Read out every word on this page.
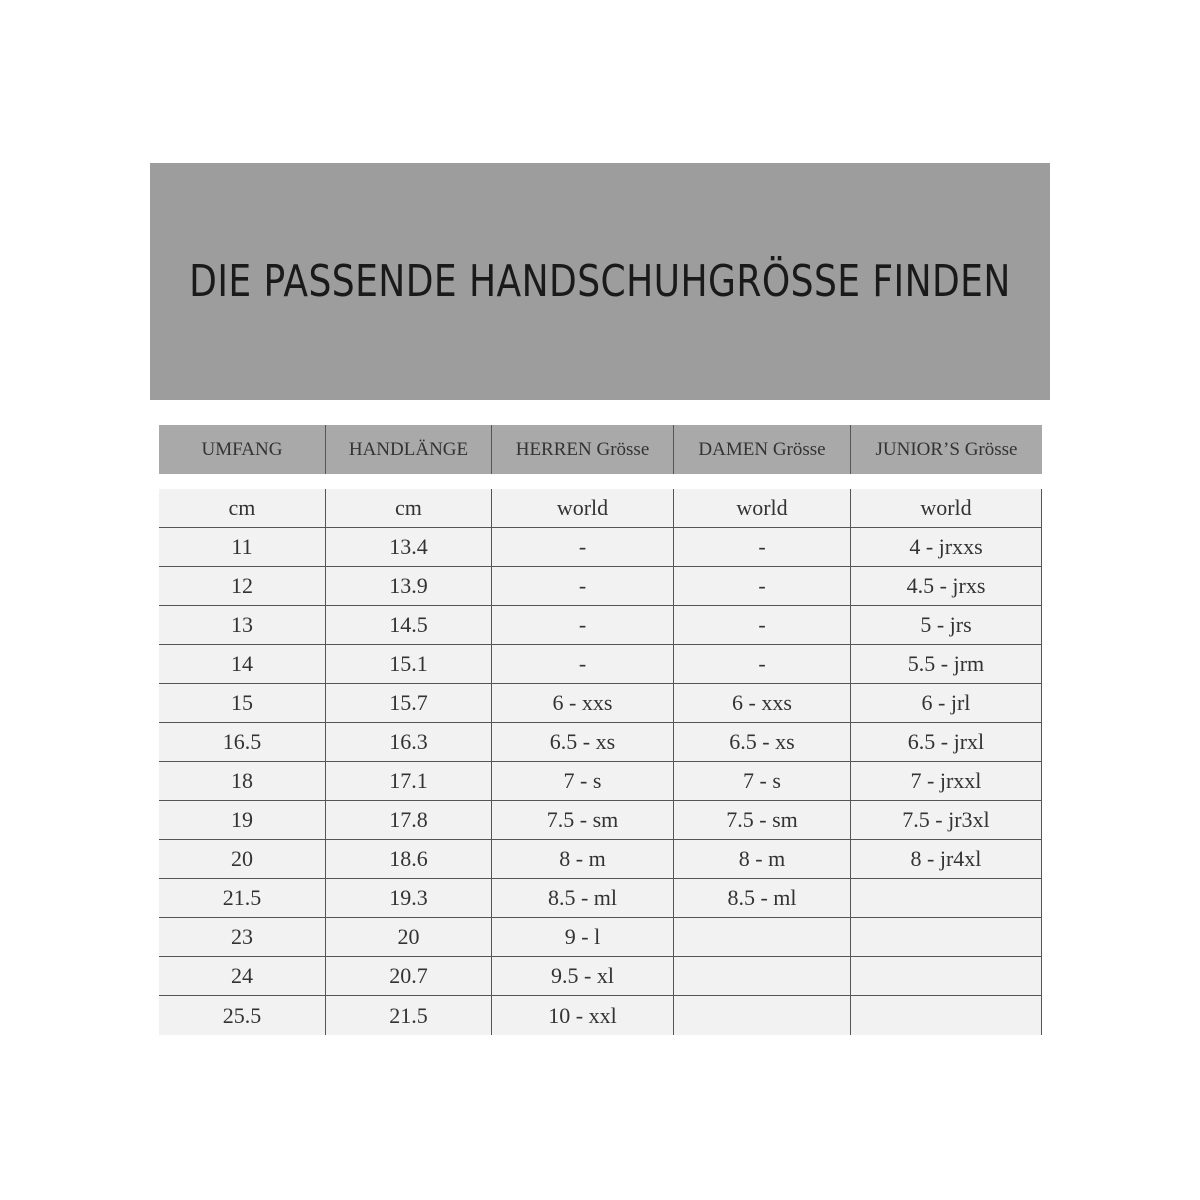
DIE PASSENDE HANDSCHUHGRÖSSE FINDEN
UMFANG	HANDLÄNGE	HERREN Grösse	DAMEN Grösse	JUNIOR’S Grösse
cm	cm	world	world	world
11	13.4	-	-	4 - jrxxs
12	13.9	-	-	4.5 - jrxs
13	14.5	-	-	5 - jrs
14	15.1	-	-	5.5 - jrm
15	15.7	6 - xxs	6 - xxs	6 - jrl
16.5	16.3	6.5 - xs	6.5 - xs	6.5 - jrxl
18	17.1	7 - s	7 - s	7 - jrxxl
19	17.8	7.5 - sm	7.5 - sm	7.5 - jr3xl
20	18.6	8 - m	8 - m	8 - jr4xl
21.5	19.3	8.5 - ml	8.5 - ml
23	20	9 - l
24	20.7	9.5 - xl
25.5	21.5	10 - xxl
